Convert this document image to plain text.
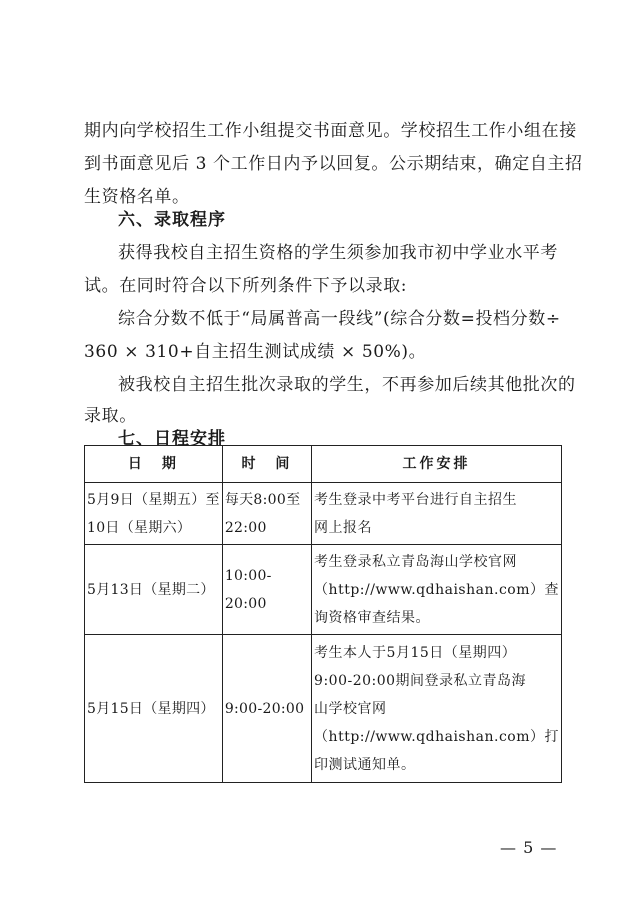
期内向学校招生工作小组提交书面意见。学校招生工作小组在接
到书面意见后 3 个工作日内予以回复。公示期结束，确定自主招
生资格名单。
六、录取程序
获得我校自主招生资格的学生须参加我市初中学业水平考
试。在同时符合以下所列条件下予以录取:
综合分数不低于“局属普高一段线”(综合分数=投档分数÷
360 × 310+自主招生测试成绩 × 50%)。
被我校自主招生批次录取的学生，不再参加后续其他批次的
录取。
七、日程安排
日　期	时　间	工作安排

5月9日（星期五）至
10日（星期六）	每天8:00至22:00	考生登录中考平台进行自主招生
网上报名

5月13日（星期二）	10:00-20:00	考生登录私立青岛海山学校官网
（http://www.qdhaishan.com）查
询资格审查结果。

5月15日（星期四）	9:00-20:00	考生本人于5月15日（星期四）
9:00-20:00期间登录私立青岛海
山学校官网
（http://www.qdhaishan.com）打
印测试通知单。
— 5 —
